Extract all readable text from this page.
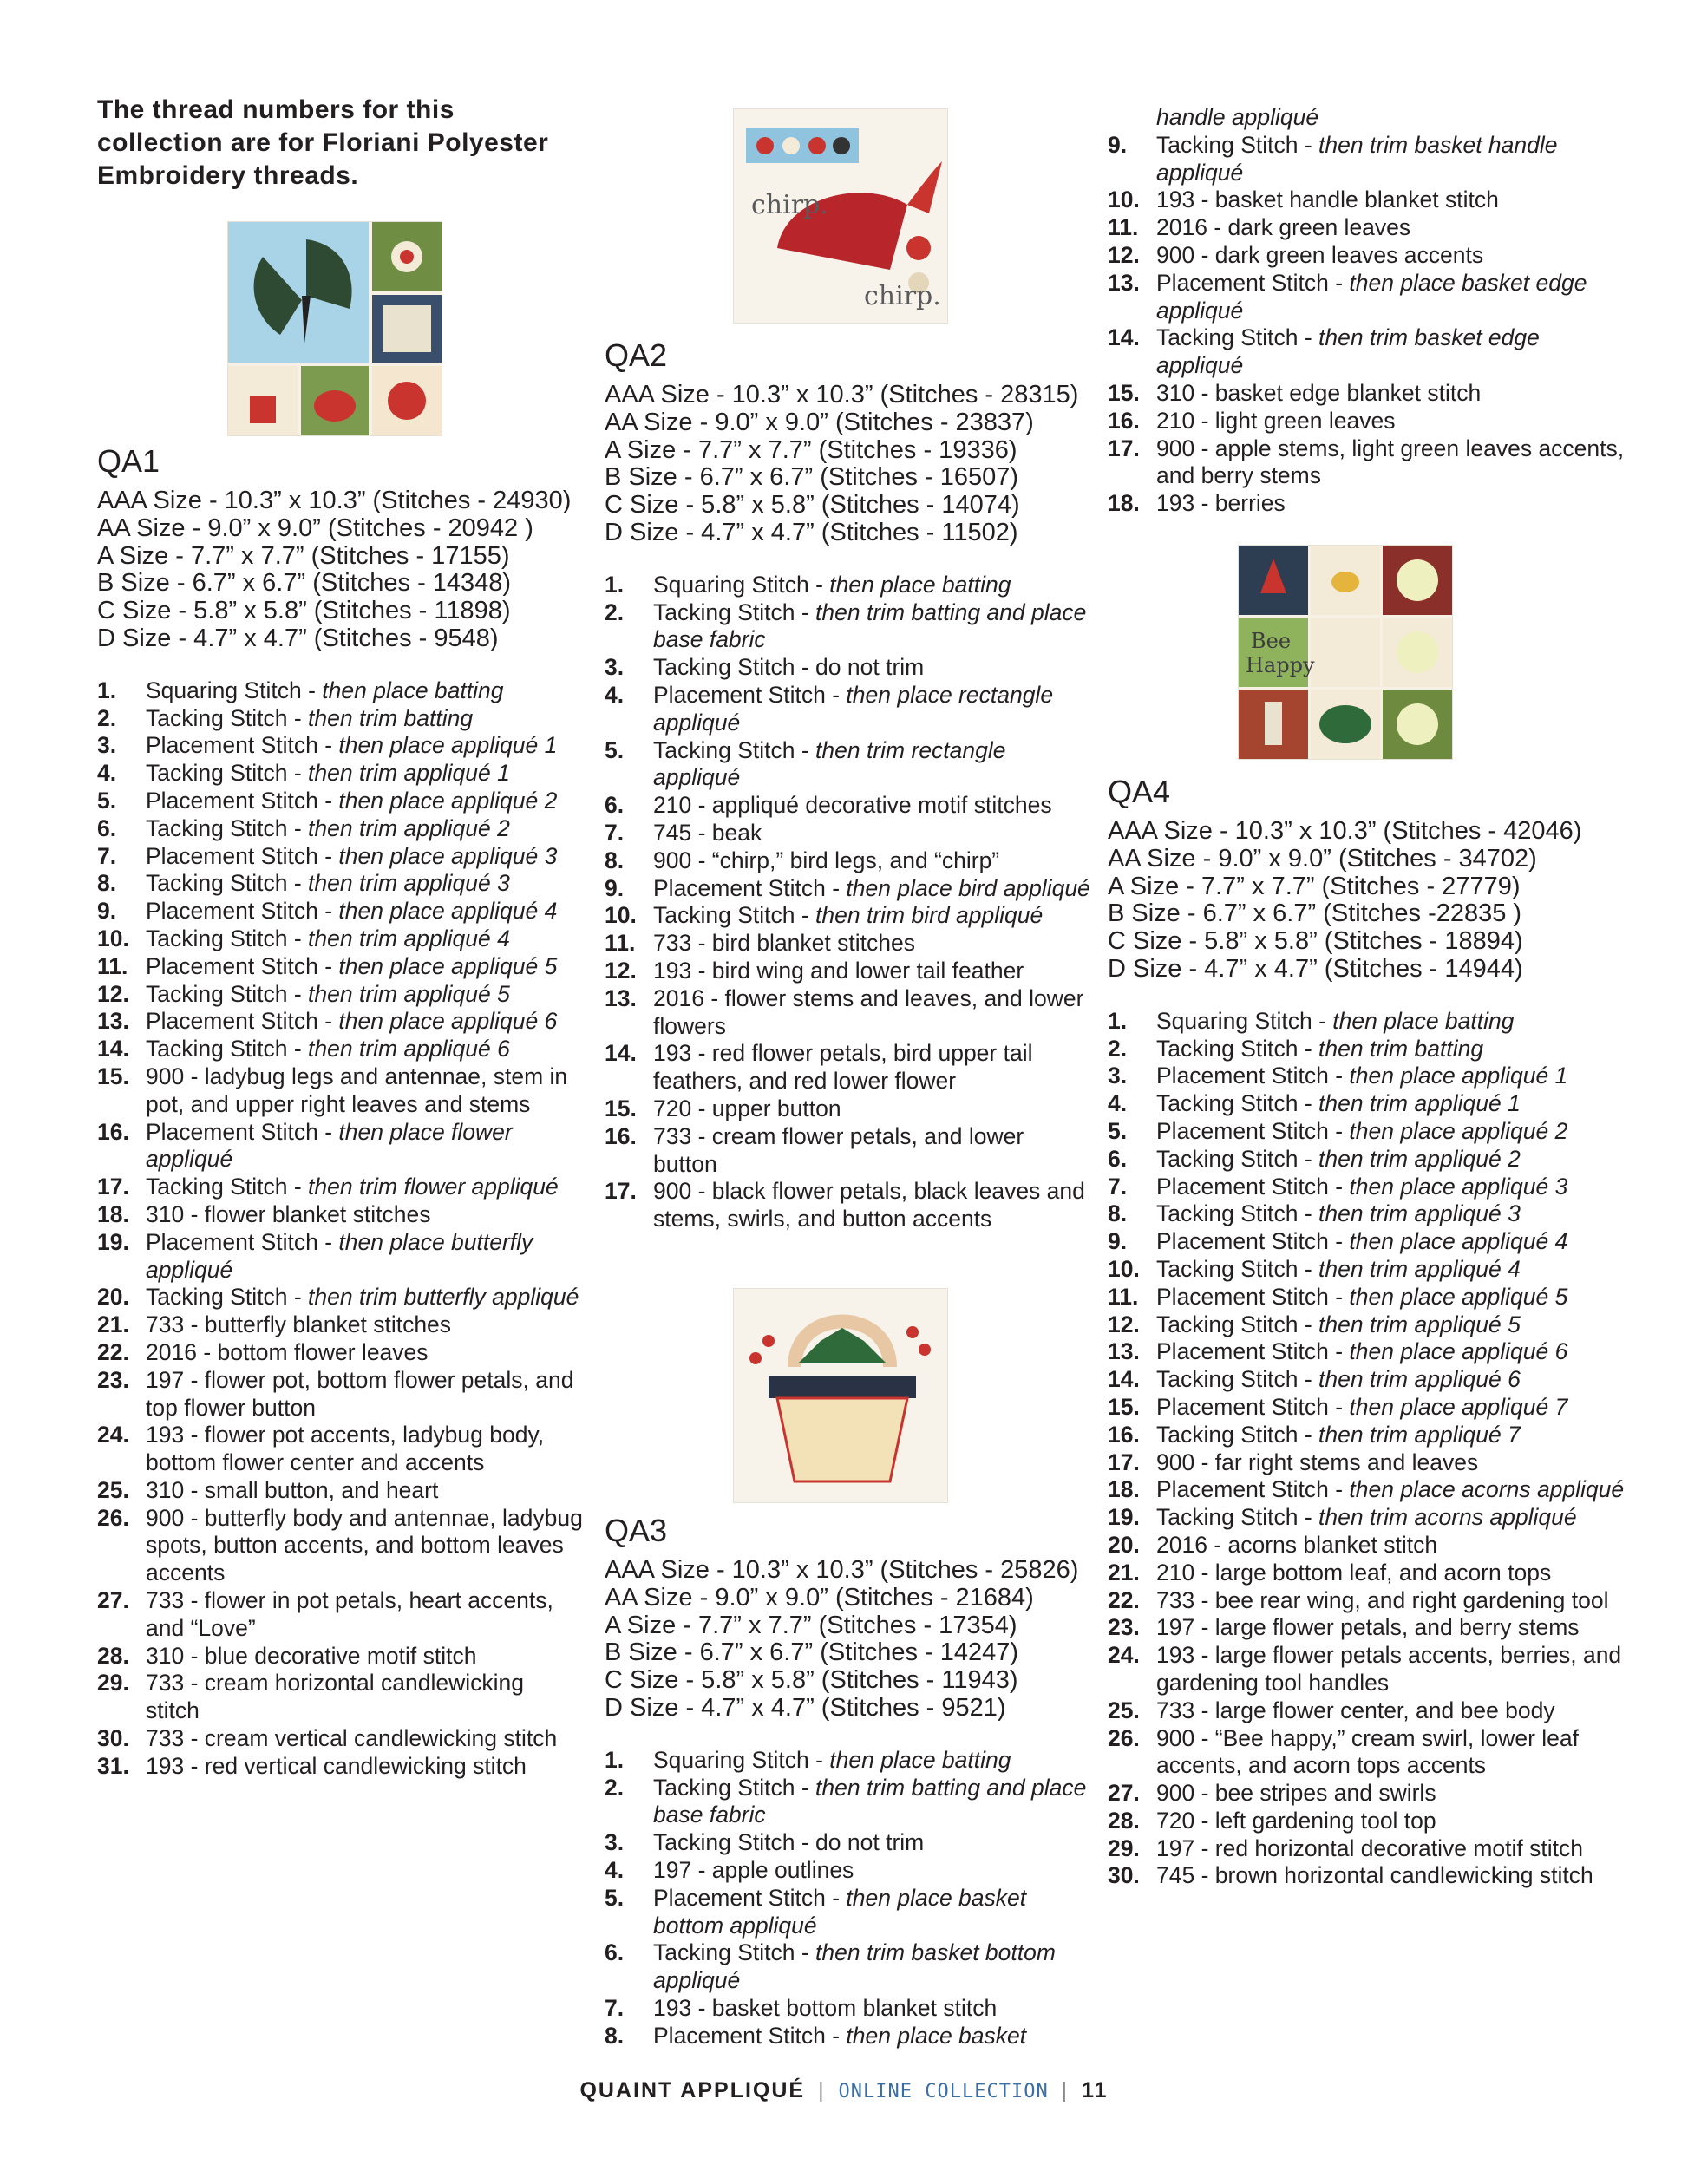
The thread numbers for this collection are for Floriani Polyester Embroidery threads.
QA1
AAA Size - 10.3” x 10.3” (Stitches - 24930)
AA Size - 9.0” x 9.0” (Stitches - 20942 )
A Size - 7.7” x 7.7” (Stitches - 17155)
B Size - 6.7” x 6.7” (Stitches - 14348)
C Size - 5.8” x 5.8” (Stitches - 11898)
D Size - 4.7” x 4.7” (Stitches - 9548)
1.	Squaring Stitch - then place batting
2.	Tacking Stitch - then trim batting
3.	Placement Stitch - then place appliqué 1
4.	Tacking Stitch - then trim appliqué 1
5.	Placement Stitch - then place appliqué 2
6.	Tacking Stitch - then trim appliqué 2
7.	Placement Stitch - then place appliqué 3
8.	Tacking Stitch - then trim appliqué 3
9.	Placement Stitch - then place appliqué 4
10. Tacking Stitch - then trim appliqué 4
11. Placement Stitch - then place appliqué 5
12. Tacking Stitch - then trim appliqué 5
13. Placement Stitch - then place appliqué 6
14. Tacking Stitch - then trim appliqué 6
15. 900 - ladybug legs and antennae, stem in pot, and upper right leaves and stems
16. Placement Stitch - then place flower appliqué
17. Tacking Stitch - then trim flower appliqué
18. 310 - flower blanket stitches
19. Placement Stitch - then place butterfly appliqué
20. Tacking Stitch - then trim butterfly appliqué
21. 733 - butterfly blanket stitches
22. 2016 - bottom flower leaves
23. 197 - flower pot, bottom flower petals, and top flower button
24. 193 - flower pot accents, ladybug body, bottom flower center and accents
25. 310 - small button, and heart
26. 900 - butterfly body and antennae, ladybug spots, button accents, and bottom leaves accents
27. 733 - flower in pot petals, heart accents, and “Love”
28. 310 - blue decorative motif stitch
29. 733 - cream horizontal candlewicking stitch
30. 733 - cream vertical candlewicking stitch
31. 193 - red vertical candlewicking stitch
chirp.
chirp.
QA2
AAA Size - 10.3” x 10.3” (Stitches - 28315)
AA Size - 9.0” x 9.0” (Stitches - 23837)
A Size - 7.7” x 7.7” (Stitches - 19336)
B Size - 6.7” x 6.7” (Stitches - 16507)
C Size - 5.8” x 5.8” (Stitches - 14074)
D Size - 4.7” x 4.7” (Stitches - 11502)
1.	Squaring Stitch - then place batting
2.	Tacking Stitch - then trim batting and place base fabric
3.	Tacking Stitch - do not trim
4.	Placement Stitch - then place rectangle appliqué
5.	Tacking Stitch - then trim rectangle appliqué
6.	210 - appliqué decorative motif stitches
7.	745 - beak
8.	900 - “chirp,” bird legs, and “chirp”
9.	Placement Stitch - then place bird appliqué
10. Tacking Stitch - then trim bird appliqué
11. 733 - bird blanket stitches
12. 193 - bird wing and lower tail feather
13. 2016 - flower stems and leaves, and lower flowers
14. 193 - red flower petals, bird upper tail feathers, and red lower flower
15. 720 - upper button
16. 733 - cream flower petals, and lower button
17. 900 - black flower petals, black leaves and stems, swirls, and button accents
QA3
AAA Size - 10.3” x 10.3” (Stitches - 25826)
AA Size - 9.0” x 9.0” (Stitches - 21684)
A Size - 7.7” x 7.7” (Stitches - 17354)
B Size - 6.7” x 6.7” (Stitches - 14247)
C Size - 5.8” x 5.8” (Stitches - 11943)
D Size - 4.7” x 4.7” (Stitches - 9521)
1.	Squaring Stitch - then place batting
2.	Tacking Stitch - then trim batting and place base fabric
3.	Tacking Stitch - do not trim
4.	197 - apple outlines
5.	Placement Stitch - then place basket bottom appliqué
6.	Tacking Stitch - then trim basket bottom appliqué
7.	193 - basket bottom blanket stitch
8.	Placement Stitch - then place basket
handle appliqué
9.	Tacking Stitch - then trim basket handle appliqué
10. 193 - basket handle blanket stitch
11. 2016 - dark green leaves
12. 900 - dark green leaves accents
13. Placement Stitch - then place basket edge appliqué
14. Tacking Stitch - then trim basket edge appliqué
15. 310 - basket edge blanket stitch
16. 210 - light green leaves
17. 900 - apple stems, light green leaves accents, and berry stems
18. 193 - berries
Bee
Happy
QA4
AAA Size - 10.3” x 10.3” (Stitches - 42046)
AA Size - 9.0” x 9.0” (Stitches - 34702)
A Size - 7.7” x 7.7” (Stitches - 27779)
B Size - 6.7” x 6.7” (Stitches -22835 )
C Size - 5.8” x 5.8” (Stitches - 18894)
D Size - 4.7” x 4.7” (Stitches - 14944)
1.	Squaring Stitch - then place batting
2.	Tacking Stitch - then trim batting
3.	Placement Stitch - then place appliqué 1
4.	Tacking Stitch - then trim appliqué 1
5.	Placement Stitch - then place appliqué 2
6.	Tacking Stitch - then trim appliqué 2
7.	Placement Stitch - then place appliqué 3
8.	Tacking Stitch - then trim appliqué 3
9.	Placement Stitch - then place appliqué 4
10. Tacking Stitch - then trim appliqué 4
11. Placement Stitch - then place appliqué 5
12. Tacking Stitch - then trim appliqué 5
13. Placement Stitch - then place appliqué 6
14. Tacking Stitch - then trim appliqué 6
15. Placement Stitch - then place appliqué 7
16. Tacking Stitch - then trim appliqué 7
17. 900 - far right stems and leaves
18. Placement Stitch - then place acorns appliqué
19. Tacking Stitch - then trim acorns appliqué
20. 2016 - acorns blanket stitch
21. 210 - large bottom leaf, and acorn tops
22. 733 - bee rear wing, and right gardening tool
23. 197 - large flower petals, and berry stems
24. 193 - large flower petals accents, berries, and gardening tool handles
25. 733 - large flower center, and bee body
26. 900 - “Bee happy,” cream swirl, lower leaf accents, and acorn tops accents
27. 900 - bee stripes and swirls
28. 720 - left gardening tool top
29. 197 - red horizontal decorative motif stitch
30. 745 - brown horizontal candlewicking stitch
QUAINT APPLIQUÉ | ONLINE COLLECTION | 11
